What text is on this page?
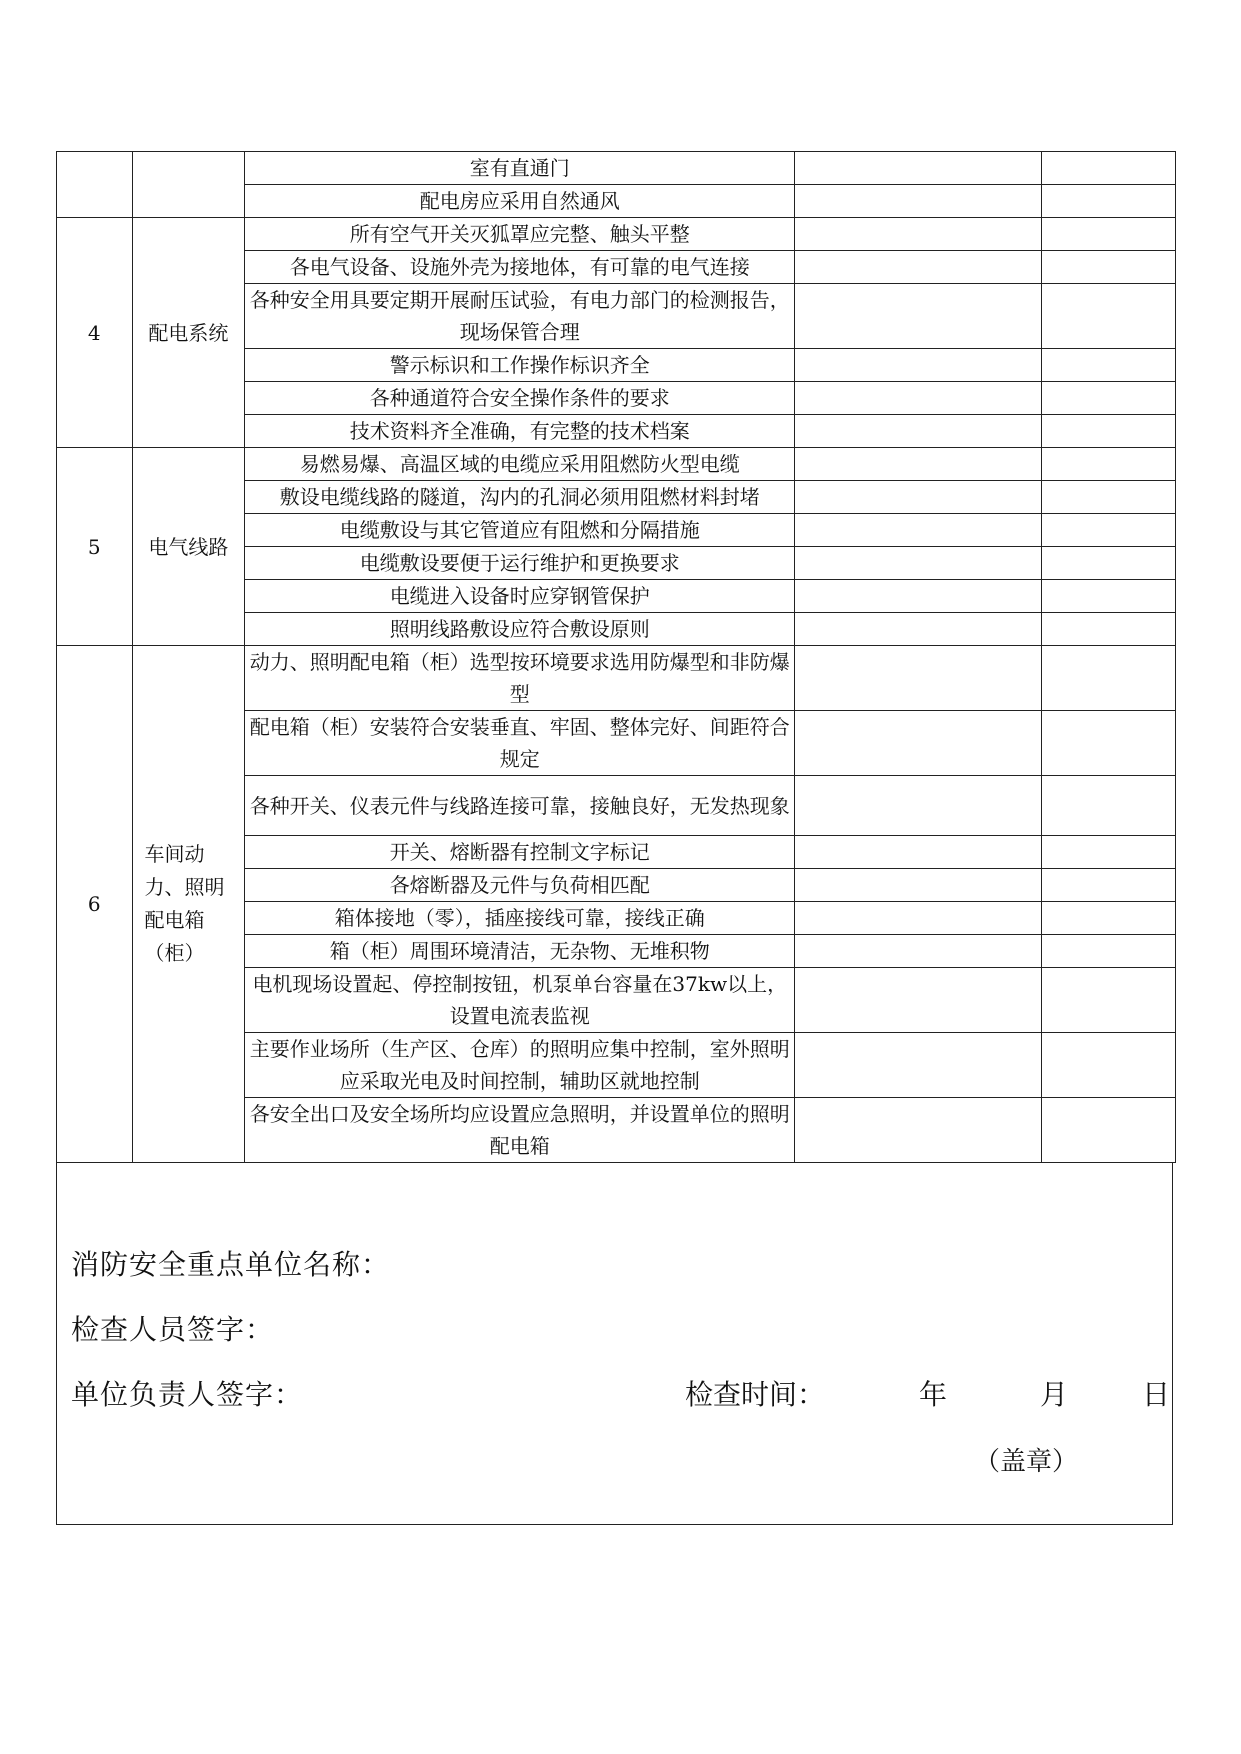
		室有直通门		
		配电房应采用自然通风		
4	配电系统	所有空气开关灭狐罩应完整、触头平整		
		各电气设备、设施外壳为接地体，有可靠的电气连接		
		各种安全用具要定期开展耐压试验，有电力部门的检测报告，现场保管合理		
		警示标识和工作操作标识齐全		
		各种通道符合安全操作条件的要求		
		技术资料齐全准确，有完整的技术档案		
5	电气线路	易燃易爆、高温区域的电缆应采用阻燃防火型电缆		
		敷设电缆线路的隧道，沟内的孔洞必须用阻燃材料封堵		
		电缆敷设与其它管道应有阻燃和分隔措施		
		电缆敷设要便于运行维护和更换要求		
		电缆进入设备时应穿钢管保护		
		照明线路敷设应符合敷设原则		
6	车间动力、照明配电箱（柜）	动力、照明配电箱（柜）选型按环境要求选用防爆型和非防爆型		
		配电箱（柜）安装符合安装垂直、牢固、整体完好、间距符合规定		
		各种开关、仪表元件与线路连接可靠，接触良好，无发热现象		
		开关、熔断器有控制文字标记		
		各熔断器及元件与负荷相匹配		
		箱体接地（零），插座接线可靠，接线正确		
		箱（柜）周围环境清洁，无杂物、无堆积物		
		电机现场设置起、停控制按钮，机泵单台容量在37kw以上，设置电流表监视		
		主要作业场所（生产区、仓库）的照明应集中控制，室外照明应采取光电及时间控制，辅助区就地控制		
		各安全出口及安全场所均应设置应急照明，并设置单位的照明配电箱		
消防安全重点单位名称：
检查人员签字：
单位负责人签字：	检查时间：	年	月	日
（盖章）
